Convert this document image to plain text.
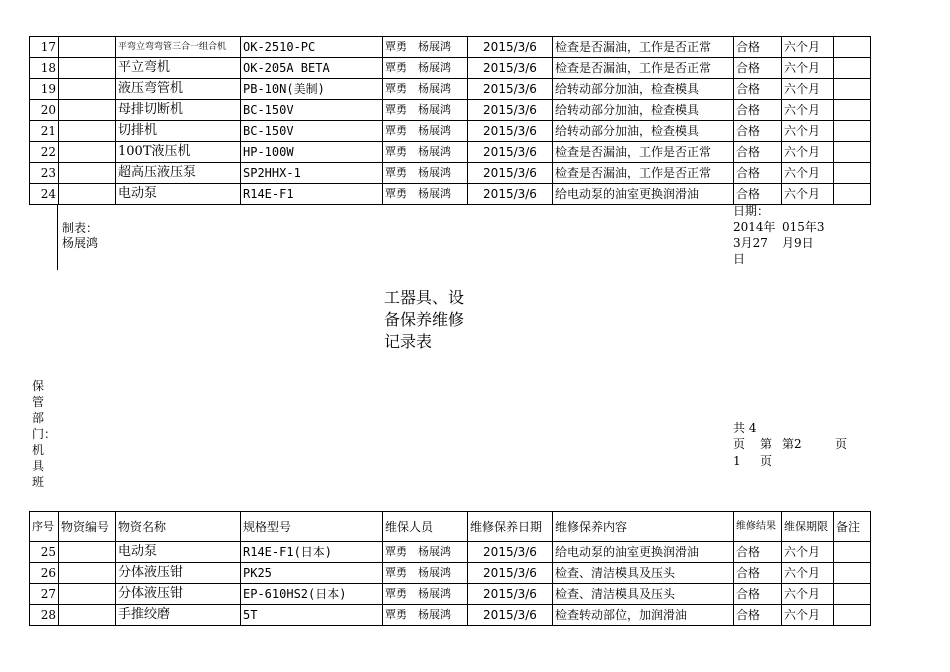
17		平弯立弯弯管三合一组合机	OK-2510-PC	覃勇　杨展鸿	2015/3/6	检查是否漏油，工作是否正常	合格	六个月	
18		平立弯机	OK-205A BETA	覃勇　杨展鸿	2015/3/6	检查是否漏油，工作是否正常	合格	六个月	
19		液压弯管机	PB-10N(美制)	覃勇　杨展鸿	2015/3/6	给转动部分加油，检查模具	合格	六个月	
20		母排切断机	BC-150V	覃勇　杨展鸿	2015/3/6	给转动部分加油，检查模具	合格	六个月	
21		切排机	BC-150V	覃勇　杨展鸿	2015/3/6	给转动部分加油，检查模具	合格	六个月	
22		100T液压机	HP-100W	覃勇　杨展鸿	2015/3/6	检查是否漏油，工作是否正常	合格	六个月	
23		超高压液压泵	SP2HHX-1	覃勇　杨展鸿	2015/3/6	检查是否漏油，工作是否正常	合格	六个月	
24		电动泵	R14E-F1	覃勇　杨展鸿	2015/3/6	给电动泵的油室更换润滑油	合格	六个月	
制表：
杨展鸿
日期：
2014年
3月27
日
015年3
月9日
工器具、设备保养维修记录表
保管部门：机具班
共 4
页
1 页
第 第2	页
序号	物资编号	物资名称	规格型号	维保人员	维修保养日期	维修保养内容	维修结果	维保期限	备注
25		电动泵	R14E-F1(日本)	覃勇　杨展鸿	2015/3/6	给电动泵的油室更换润滑油	合格	六个月	
26		分体液压钳	PK25	覃勇　杨展鸿	2015/3/6	检查、清洁模具及压头	合格	六个月	
27		分体液压钳	EP-610HS2(日本)	覃勇　杨展鸿	2015/3/6	检查、清洁模具及压头	合格	六个月	
28		手推绞磨	5T	覃勇　杨展鸿	2015/3/6	检查转动部位，加润滑油	合格	六个月	
